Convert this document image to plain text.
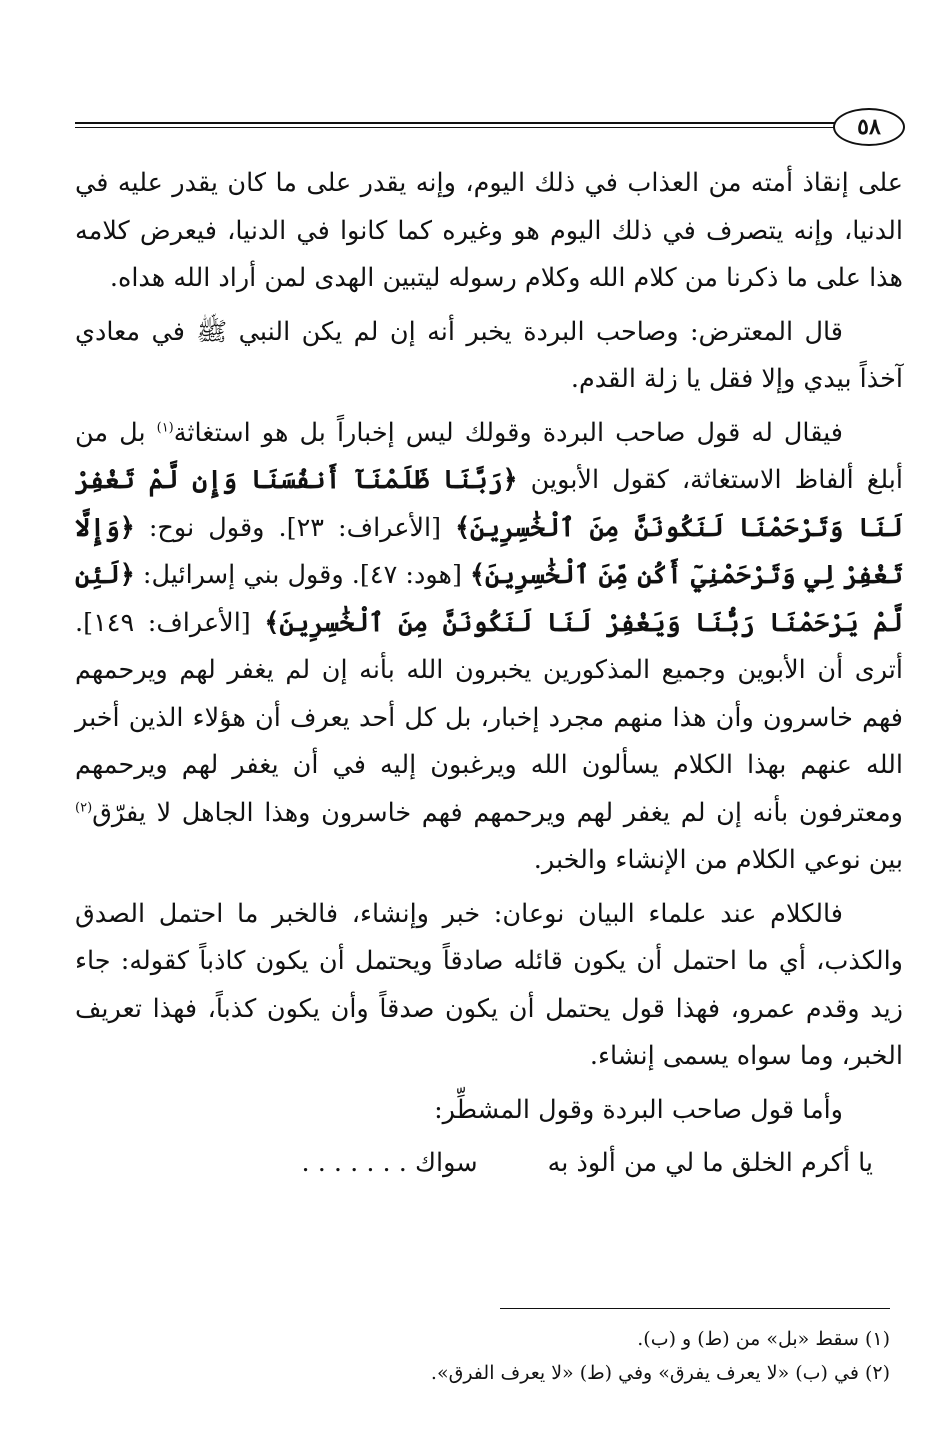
٥٨

على إنقاذ أمته من العذاب في ذلك اليوم، وإنه يقدر على ما كان يقدر عليه في الدنيا، وإنه يتصرف في ذلك اليوم هو وغيره كما كانوا في الدنيا، فيعرض كلامه هذا على ما ذكرنا من كلام الله وكلام رسوله ليتبين الهدى لمن أراد الله هداه.

قال المعترض: وصاحب البردة يخبر أنه إن لم يكن النبي ﷺ في معادي آخذاً بيدي وإلا فقل يا زلة القدم.

فيقال له قول صاحب البردة وقولك ليس إخباراً بل هو استغاثة$^{(١)}$ بل من أبلغ ألفاظ الاستغاثة، كقول الأبوين ﴿رَبَّنَا ظَلَمْنَآ أَنفُسَنَا وَإِن لَّمْ تَغْفِرْ لَنَا وَتَرْحَمْنَا لَنَكُونَنَّ مِنَ ٱلْخَٰسِرِينَ﴾ [الأعراف: ٢٣]. وقول نوح: ﴿وَإِلَّا تَغْفِرْ لِي وَتَرْحَمْنِيٓ أَكُن مِّنَ ٱلْخَٰسِرِينَ﴾ [هود: ٤٧]. وقول بني إسرائيل: ﴿لَئِن لَّمْ يَرْحَمْنَا رَبُّنَا وَيَغْفِرْ لَنَا لَنَكُونَنَّ مِنَ ٱلْخَٰسِرِينَ﴾ [الأعراف: ١٤٩]. أترى أن الأبوين وجميع المذكورين يخبرون الله بأنه إن لم يغفر لهم ويرحمهم فهم خاسرون وأن هذا منهم مجرد إخبار، بل كل أحد يعرف أن هؤلاء الذين أخبر الله عنهم بهذا الكلام يسألون الله ويرغبون إليه في أن يغفر لهم ويرحمهم ومعترفون بأنه إن لم يغفر لهم ويرحمهم فهم خاسرون وهذا الجاهل لا يفرّق$^{(٢)}$ بين نوعي الكلام من الإنشاء والخبر.

فالكلام عند علماء البيان نوعان: خبر وإنشاء، فالخبر ما احتمل الصدق والكذب، أي ما احتمل أن يكون قائله صادقاً ويحتمل أن يكون كاذباً كقوله: جاء زيد وقدم عمرو، فهذا قول يحتمل أن يكون صدقاً وأن يكون كذباً، فهذا تعريف الخبر، وما سواه يسمى إنشاء.

وأما قول صاحب البردة وقول المشطِّر:

يا أكرم الخلق ما لي من ألوذ به
سواك . . . . . . .
(١) سقط «بل» من (ط) و (ب).
(٢) في (ب) «لا يعرف يفرق» وفي (ط) «لا يعرف الفرق».
